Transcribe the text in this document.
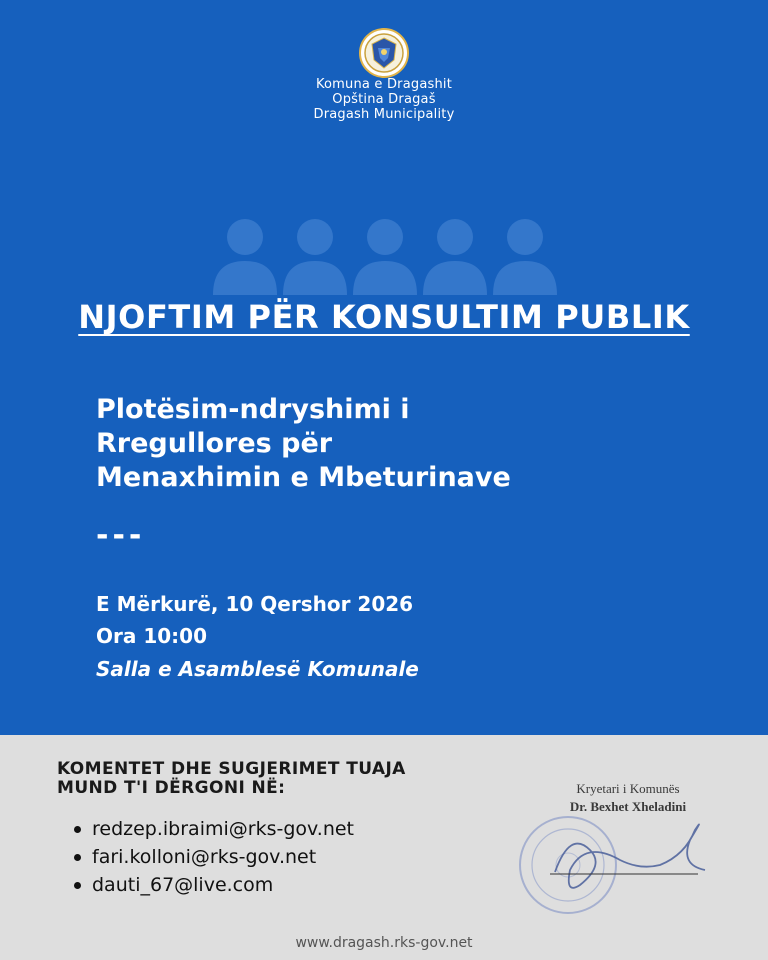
Komuna e Dragashit
Opština Dragaš
Dragash Municipality
NJOFTIM PËR KONSULTIM PUBLIK
Plotësim-ndryshimi i
Rregullores për
Menaxhimin e Mbeturinave
---
E Mërkurë, 10 Qershor 2026
Ora 10:00
Salla e Asamblesë Komunale
KOMENTET DHE SUGJERIMET TUAJA
MUND T'I DËRGONI NË:
redzep.ibraimi@rks-gov.net
fari.kolloni@rks-gov.net
dauti_67@live.com
Kryetari i Komunës
Dr. Bexhet Xheladini
www.dragash.rks-gov.net
